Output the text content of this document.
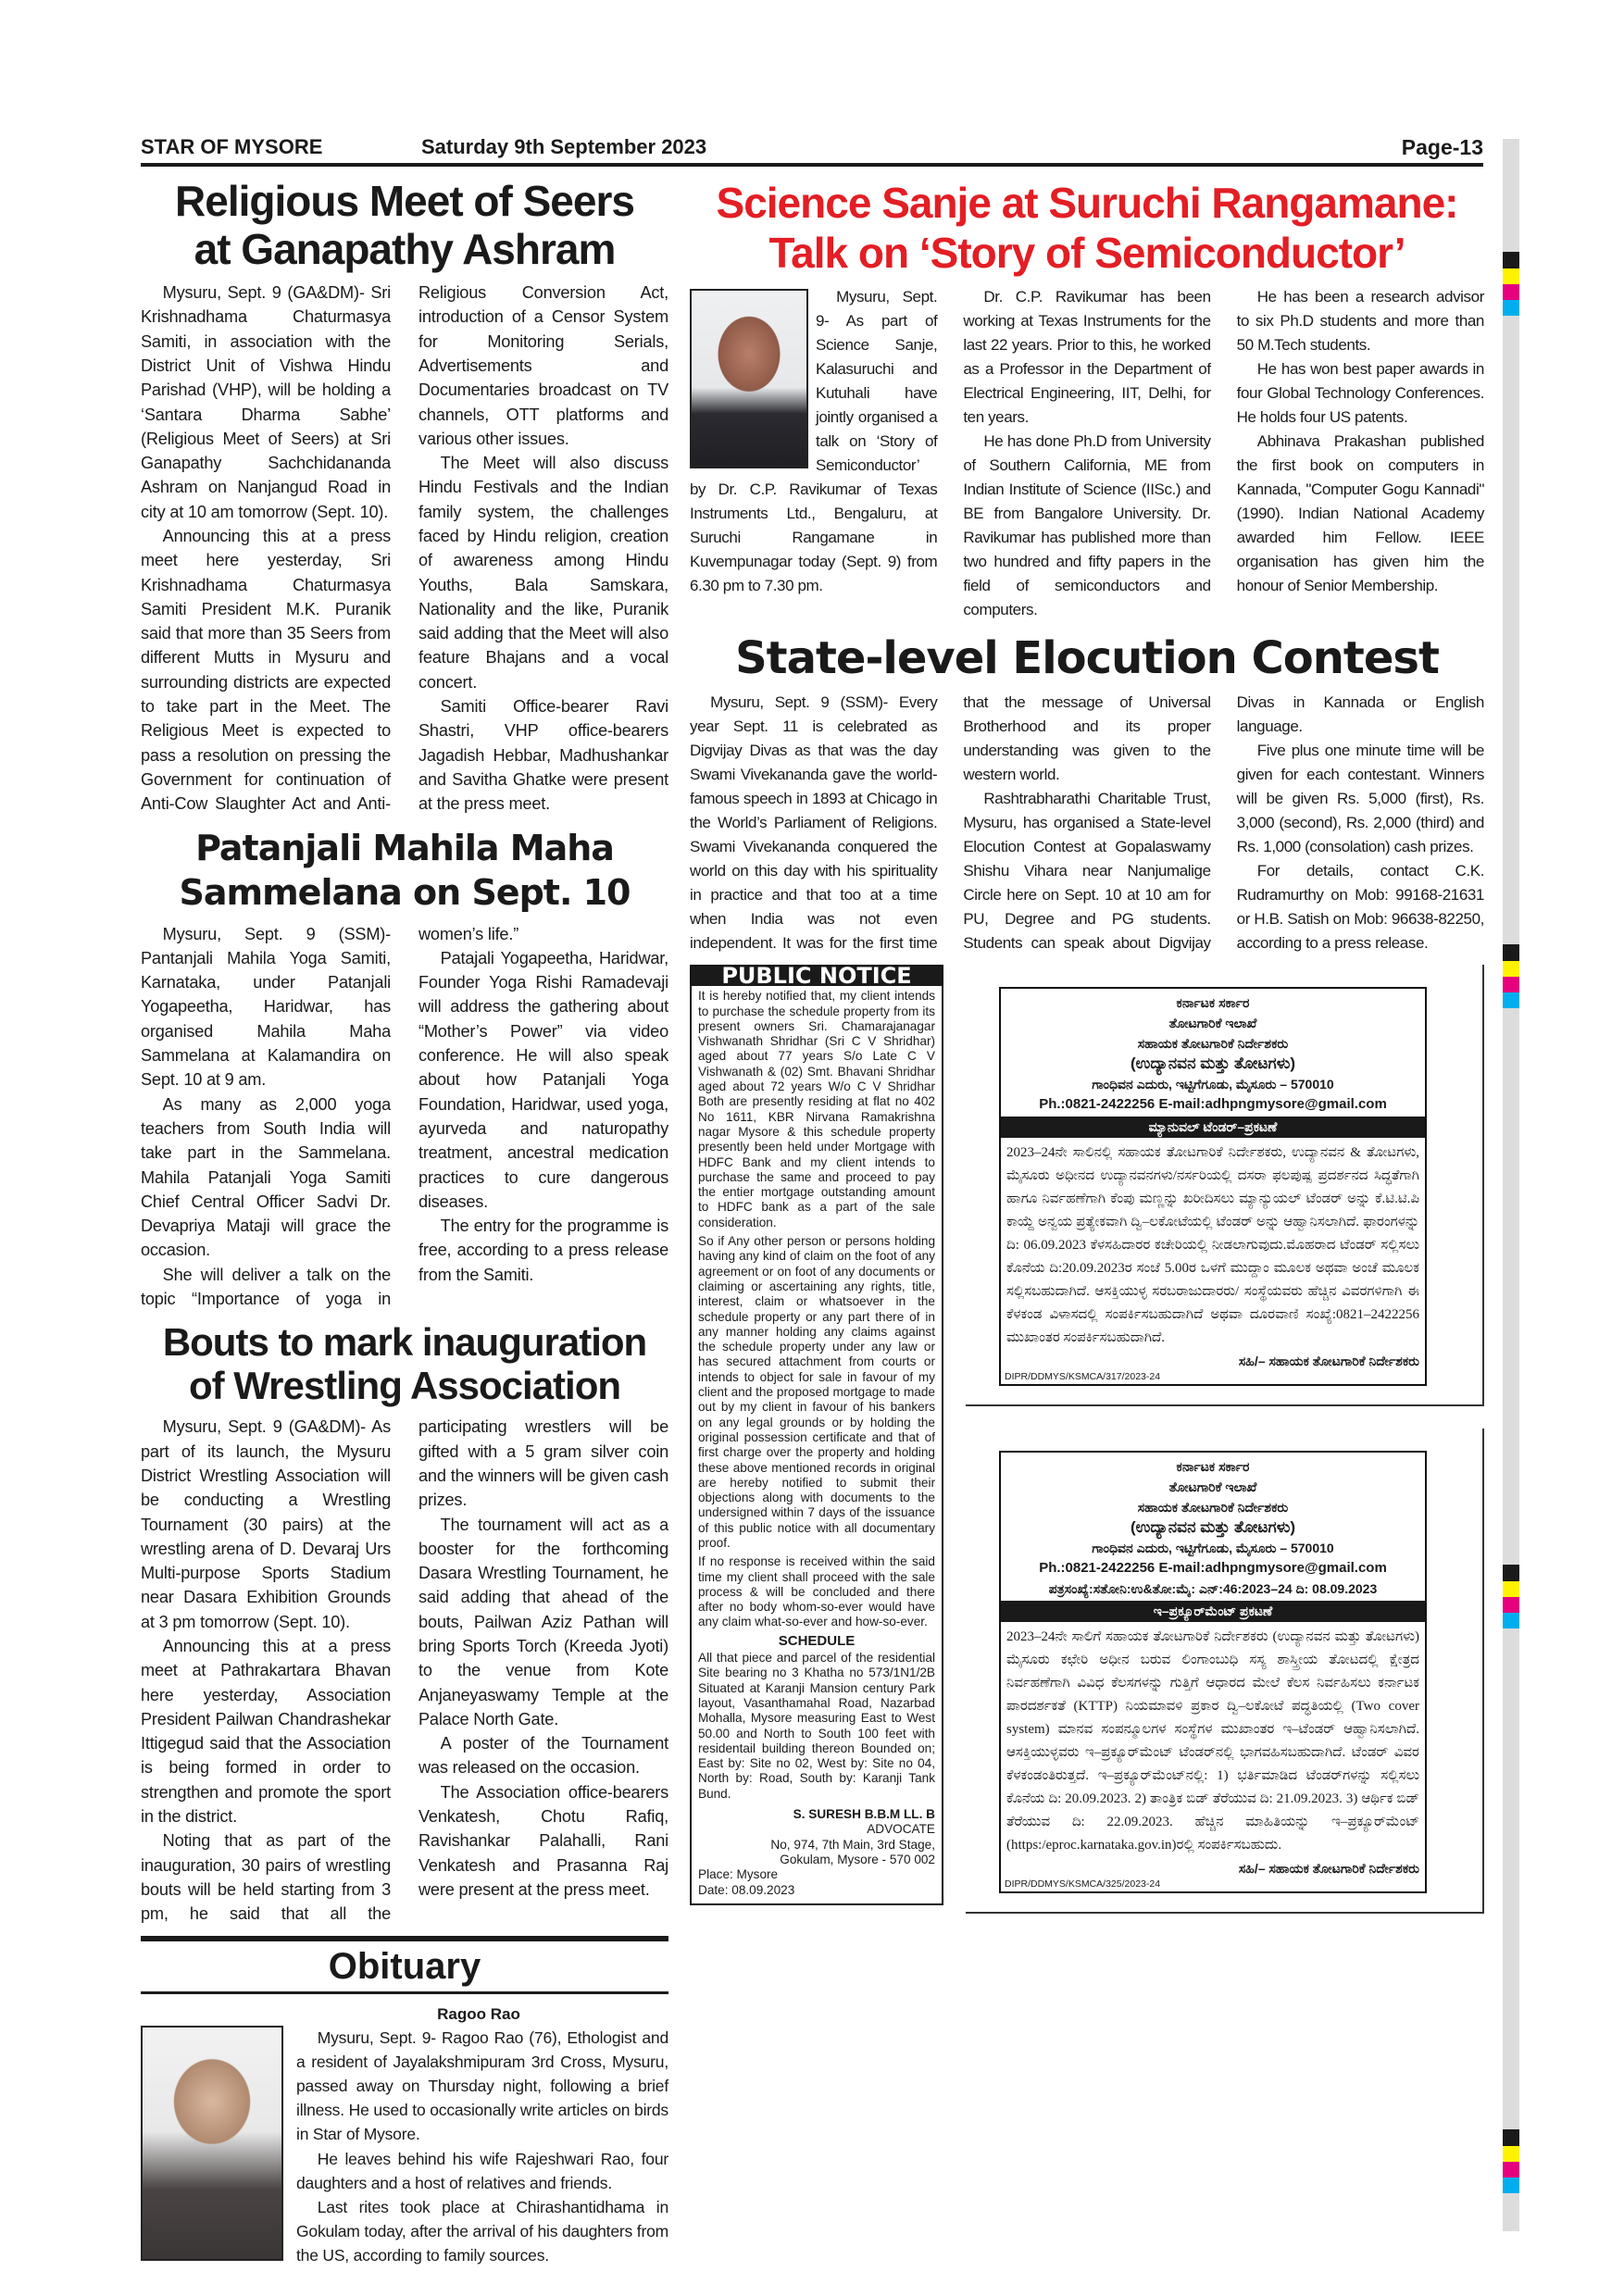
STAR OF MYSORE	Saturday 9th September 2023	Page-13
Religious Meet of Seers
at Ganapathy Ashram

Mysuru, Sept. 9 (GA&DM)- Sri Krishnadhama Chaturmasya Samiti, in association with the District Unit of Vishwa Hindu Parishad (VHP), will be holding a ‘Santara Dharma Sabhe’ (Religious Meet of Seers) at Sri Ganapathy Sachchidananda Ashram on Nanjangud Road in city at 10 am tomorrow (Sept. 10).

Announcing this at a press meet here yesterday, Sri Krishnadhama Chaturmasya Samiti President M.K. Puranik said that more than 35 Seers from different Mutts in Mysuru and surrounding districts are expected to take part in the Meet. The Religious Meet is expected to pass a resolution on pressing the Government for continuation of Anti-Cow Slaughter Act and Anti-Religious Conversion Act, introduction of a Censor System for Monitoring Serials, Advertisements and Documentaries broadcast on TV channels, OTT platforms and various other issues.

The Meet will also discuss Hindu Festivals and the Indian family system, the challenges faced by Hindu religion, creation of awareness among Hindu Youths, Bala Samskara, Nationality and the like, Puranik said adding that the Meet will also feature Bhajans and a vocal concert.

Samiti Office-bearer Ravi Shastri, VHP office-bearers Jagadish Hebbar, Madhushankar and Savitha Ghatke were present at the press meet.

Patanjali Mahila Maha
Sammelana on Sept. 10

Mysuru, Sept. 9 (SSM)- Pantanjali Mahila Yoga Samiti, Karnataka, under Patanjali Yogapeetha, Haridwar, has organised Mahila Maha Sammelana at Kalamandira on Sept. 10 at 9 am.

As many as 2,000 yoga teachers from South India will take part in the Sammelana. Mahila Patanjali Yoga Samiti Chief Central Officer Sadvi Dr. Devapriya Mataji will grace the occasion.

She will deliver a talk on the topic “Importance of yoga in women’s life.”

Patajali Yogapeetha, Haridwar, Founder Yoga Rishi Ramadevaji will address the gathering about “Mother’s Power” via video conference. He will also speak about how Patanjali Yoga Foundation, Haridwar, used yoga, ayurveda and naturopathy treatment, ancestral medication practices to cure dangerous diseases.

The entry for the programme is free, according to a press release from the Samiti.

Bouts to mark inauguration
of Wrestling Association

Mysuru, Sept. 9 (GA&DM)- As part of its launch, the Mysuru District Wrestling Association will be conducting a Wrestling Tournament (30 pairs) at the wrestling arena of D. Devaraj Urs Multi-purpose Sports Stadium near Dasara Exhibition Grounds at 3 pm tomorrow (Sept. 10).

Announcing this at a press meet at Pathrakartara Bhavan here yesterday, Association President Pailwan Chandrashekar Ittigegud said that the Association is being formed in order to strengthen and promote the sport in the district.

Noting that as part of the inauguration, 30 pairs of wrestling bouts will be held starting from 3 pm, he said that all the participating wrestlers will be gifted with a 5 gram silver coin and the winners will be given cash prizes.

The tournament will act as a booster for the forthcoming Dasara Wrestling Tournament, he said adding that ahead of the bouts, Pailwan Aziz Pathan will bring Sports Torch (Kreeda Jyoti) to the venue from Kote Anjaneyaswamy Temple at the Palace North Gate.

A poster of the Tournament was released on the occasion.

The Association office-bearers Venkatesh, Chotu Rafiq, Ravishankar Palahalli, Rani Venkatesh and Prasanna Raj were present at the press meet.

Obituary
Ragoo Rao

Mysuru, Sept. 9- Ragoo Rao (76), Ethologist and a resident of Jayalakshmipuram 3rd Cross, Mysuru, passed away on Thursday night, following a brief illness. He used to occasionally write articles on birds in Star of Mysore.

He leaves behind his wife Rajeshwari Rao, four daughters and a host of relatives and friends.

Last rites took place at Chirashantidhama in Gokulam today, after the arrival of his daughters from the US, according to family sources.

Science Sanje at Suruchi Rangamane:
Talk on ‘Story of Semiconductor’

Mysuru, Sept. 9- As part of Science Sanje, Kalasuruchi and Kutuhali have jointly organised a talk on ‘Story of Semiconductor’ by Dr. C.P. Ravikumar of Texas Instruments Ltd., Bengaluru, at Suruchi Rangamane in Kuvempunagar today (Sept. 9) from 6.30 pm to 7.30 pm.

Dr. C.P. Ravikumar has been working at Texas Instruments for the last 22 years. Prior to this, he worked as a Professor in the Department of Electrical Engineering, IIT, Delhi, for ten years.

He has done Ph.D from University of Southern California, ME from Indian Institute of Science (IISc.) and BE from Bangalore University. Dr. Ravikumar has published more than two hundred and fifty papers in the field of semiconductors and computers.

He has been a research advisor to six Ph.D students and more than 50 M.Tech students.

He has won best paper awards in four Global Technology Conferences. He holds four US patents.

Abhinava Prakashan published the first book on computers in Kannada, "Computer Gogu Kannadi" (1990). Indian National Academy awarded him Fellow. IEEE organisation has given him the honour of Senior Membership.

State-level Elocution Contest

Mysuru, Sept. 9 (SSM)- Every year Sept. 11 is celebrated as Digvijay Divas as that was the day Swami Vivekananda gave the world-famous speech in 1893 at Chicago in the World’s Parliament of Religions. Swami Vivekananda conquered the world on this day with his spirituality in practice and that too at a time when India was not even independent. It was for the first time that the message of Universal Brotherhood and its proper understanding was given to the western world.

Rashtrabharathi Charitable Trust, Mysuru, has organised a State-level Elocution Contest at Gopalaswamy Shishu Vihara near Nanjumalige Circle here on Sept. 10 at 10 am for PU, Degree and PG students. Students can speak about Digvijay Divas in Kannada or English language.

Five plus one minute time will be given for each contestant. Winners will be given Rs. 5,000 (first), Rs. 3,000 (second), Rs. 2,000 (third) and Rs. 1,000 (consolation) cash prizes.

For details, contact C.K. Rudramurthy on Mob: 99168-21631 or H.B. Satish on Mob: 96638-82250, according to a press release.

PUBLIC NOTICE

It is hereby notified that, my client intends to purchase the schedule property from its present owners Sri. Chamarajanagar Vishwanath Shridhar (Sri C V Shridhar) aged about 77 years S/o Late C V Vishwanath & (02) Smt. Bhavani Shridhar aged about 72 years W/o C V Shridhar Both are presently residing at flat no 402 No 1611, KBR Nirvana Ramakrishna nagar Mysore & this schedule property presently been held under Mortgage with HDFC Bank and my client intends to purchase the same and proceed to pay the entier mortgage outstanding amount to HDFC bank as a part of the sale consideration.

So if Any other person or persons holding having any kind of claim on the foot of any agreement or on foot of any documents or claiming or ascertaining any rights, title, interest, claim or whatsoever in the schedule property or any part there of in any manner holding any claims against the schedule property under any law or has secured attachment from courts or intends to object for sale in favour of my client and the proposed mortgage to made out by my client in favour of his bankers on any legal grounds or by holding the original possession certificate and that of first charge over the property and holding these above mentioned records in original are hereby notified to submit their objections along with documents to the undersigned within 7 days of the issuance of this public notice with all documentary proof.

If no response is received within the said time my client shall proceed with the sale process & will be concluded and there after no body whom-so-ever would have any claim what-so-ever and how-so-ever.

SCHEDULE

All that piece and parcel of the residential Site bearing no 3 Khatha no 573/1N1/2B Situated at Karanji Mansion century Park layout, Vasanthamahal Road, Nazarbad Mohalla, Mysore measuring East to West 50.00 and North to South 100 feet with residentail building thereon Bounded on; East by: Site no 02, West by: Site no 04, North by: Road, South by: Karanji Tank Bund.

S. SURESH B.B.M LL. B
ADVOCATE
No, 974, 7th Main, 3rd Stage,
Gokulam, Mysore - 570 002
Place: Mysore
Date: 08.09.2023
ಕರ್ನಾಟಕ ಸರ್ಕಾರ
ತೋಟಗಾರಿಕೆ ಇಲಾಖೆ
ಸಹಾಯಕ ತೋಟಗಾರಿಕೆ ನಿರ್ದೇಶಕರು
(ಉದ್ಯಾನವನ ಮತ್ತು ತೋಟಗಳು)
ಗಾಂಧಿವನ ಎದುರು, ಇಟ್ಟಿಗೆಗೂಡು, ಮೈಸೂರು – 570010
Ph.:0821-2422256 E-mail:adhpngmysore@gmail.com
ಮ್ಯಾನುವಲ್ ಟೆಂಡರ್–ಪ್ರಕಟಣೆ
2023–24ನೇ ಸಾಲಿನಲ್ಲಿ ಸಹಾಯಕ ತೋಟಗಾರಿಕೆ ನಿರ್ದೇಶಕರು, ಉದ್ಯಾನವನ & ತೋಟಗಳು, ಮೈಸೂರು ಅಧೀನದ ಉದ್ಯಾನವನಗಳು/ನರ್ಸರಿಯಲ್ಲಿ ದಸರಾ ಫಲಪುಷ್ಪ ಪ್ರದರ್ಶನದ ಸಿದ್ಧತೆಗಾಗಿ ಹಾಗೂ ನಿರ್ವಹಣೆಗಾಗಿ ಕೆಂಪು ಮಣ್ಣನ್ನು ಖರೀದಿಸಲು ಮ್ಯಾನ್ಯುಯಲ್ ಟೆಂಡರ್ ಅನ್ನು ಕೆ.ಟಿ.ಟಿ.ಪಿ ಕಾಯ್ದೆ ಅನ್ವಯ ಪ್ರತ್ಯೇಕವಾಗಿ ದ್ವಿ–ಲಕೋಟೆಯಲ್ಲಿ ಟೆಂಡರ್ ಅನ್ನು ಆಹ್ವಾನಿಸಲಾಗಿದೆ. ಫಾರಂಗಳನ್ನು ದಿ: 06.09.2023 ಕೆಳಸಹಿದಾರರ ಕಚೇರಿಯಲ್ಲಿ ನೀಡಲಾಗುವುದು.ಮೊಹರಾದ ಟೆಂಡರ್ ಸಲ್ಲಿಸಲು ಕೊನೆಯ ದಿ:20.09.2023ರ ಸಂಜೆ 5.00ರ ಒಳಗೆ ಮುದ್ದಾಂ ಮೂಲಕ ಅಥವಾ ಅಂಚೆ ಮೂಲಕ ಸಲ್ಲಿಸಬಹುದಾಗಿದೆ. ಆಸಕ್ತಿಯುಳ್ಳ ಸರಬರಾಜುದಾರರು/ ಸಂಸ್ಥೆಯವರು ಹೆಚ್ಚಿನ ವಿವರಗಳಿಗಾಗಿ ಈ ಕೆಳಕಂಡ ವಿಳಾಸದಲ್ಲಿ ಸಂಪರ್ಕಿಸಬಹುದಾಗಿದೆ ಅಥವಾ ದೂರವಾಣಿ ಸಂಖ್ಯೆ:0821–2422256 ಮುಖಾಂತರ ಸಂಪರ್ಕಿಸಬಹುದಾಗಿದೆ.
ಸಹಿ/– ಸಹಾಯಕ ತೋಟಗಾರಿಕೆ ನಿರ್ದೇಶಕರು
DIPR/DDMYS/KSMCA/317/2023-24
ಕರ್ನಾಟಕ ಸರ್ಕಾರ
ತೋಟಗಾರಿಕೆ ಇಲಾಖೆ
ಸಹಾಯಕ ತೋಟಗಾರಿಕೆ ನಿರ್ದೇಶಕರು
(ಉದ್ಯಾನವನ ಮತ್ತು ತೋಟಗಳು)
ಗಾಂಧಿವನ ಎದುರು, ಇಟ್ಟಿಗೆಗೂಡು, ಮೈಸೂರು – 570010
Ph.:0821-2422256 E-mail:adhpngmysore@gmail.com
ಪತ್ರಸಂಖ್ಯೆ:ಸತೋನಿ:ಉ&ತೋ:ಮೈ: ಎನ್:46:2023–24 ದಿ: 08.09.2023
ಇ–ಪ್ರಕ್ಯೂರ್‌ಮೆಂಟ್ ಪ್ರಕಟಣೆ
2023–24ನೇ ಸಾಲಿಗೆ ಸಹಾಯಕ ತೋಟಗಾರಿಕೆ ನಿರ್ದೇಶಕರು (ಉದ್ಯಾನವನ ಮತ್ತು ತೋಟಗಳು) ಮೈಸೂರು ಕಛೇರಿ ಅಧೀನ ಬರುವ ಲಿಂಗಾಂಬುಧಿ ಸಸ್ಯ ಶಾಸ್ತ್ರೀಯ ತೋಟದಲ್ಲಿ ಕ್ಷೇತ್ರದ ನಿರ್ವಹಣೆಗಾಗಿ ವಿವಿಧ ಕೆಲಸಗಳನ್ನು ಗುತ್ತಿಗೆ ಆಧಾರದ ಮೇಲೆ ಕೆಲಸ ನಿರ್ವಹಿಸಲು ಕರ್ನಾಟಕ ಪಾರದರ್ಶಕತೆ (KTTP) ನಿಯಮಾವಳಿ ಪ್ರಕಾರ ದ್ವಿ–ಲಕೋಟೆ ಪದ್ಧತಿಯಲ್ಲಿ (Two cover system) ಮಾನವ ಸಂಪನ್ಮೂಲಗಳ ಸಂಸ್ಥೆಗಳ ಮುಖಾಂತರ ಇ–ಟೆಂಡರ್ ಆಹ್ವಾನಿಸಲಾಗಿದೆ. ಆಸಕ್ತಿಯುಳ್ಳವರು ಇ–ಪ್ರಕ್ಯೂರ್‌ಮೆಂಟ್ ಟೆಂಡರ್‌ನಲ್ಲಿ ಭಾಗವಹಿಸಬಹುದಾಗಿದೆ. ಟೆಂಡರ್ ವಿವರ ಕೆಳಕಂಡಂತಿರುತ್ತದೆ. ಇ–ಪ್ರಕ್ಯೂರ್‌ಮೆಂಟ್‌ನಲ್ಲಿ: 1) ಭರ್ತಿಮಾಡಿದ ಟೆಂಡರ್‌ಗಳನ್ನು ಸಲ್ಲಿಸಲು ಕೊನೆಯ ದಿ: 20.09.2023. 2) ತಾಂತ್ರಿಕ ಬಿಡ್ ತೆರೆಯುವ ದಿ: 21.09.2023. 3) ಆರ್ಥಿಕ ಬಿಡ್ ತೆರೆಯುವ ದಿ: 22.09.2023. ಹೆಚ್ಚಿನ ಮಾಹಿತಿಯನ್ನು ಇ–ಪ್ರಕ್ಯೂರ್‌ಮೆಂಟ್ (https:/eproc.karnataka.gov.in)ರಲ್ಲಿ ಸಂಪರ್ಕಿಸಬಹುದು.
ಸಹಿ/– ಸಹಾಯಕ ತೋಟಗಾರಿಕೆ ನಿರ್ದೇಶಕರು
DIPR/DDMYS/KSMCA/325/2023-24
